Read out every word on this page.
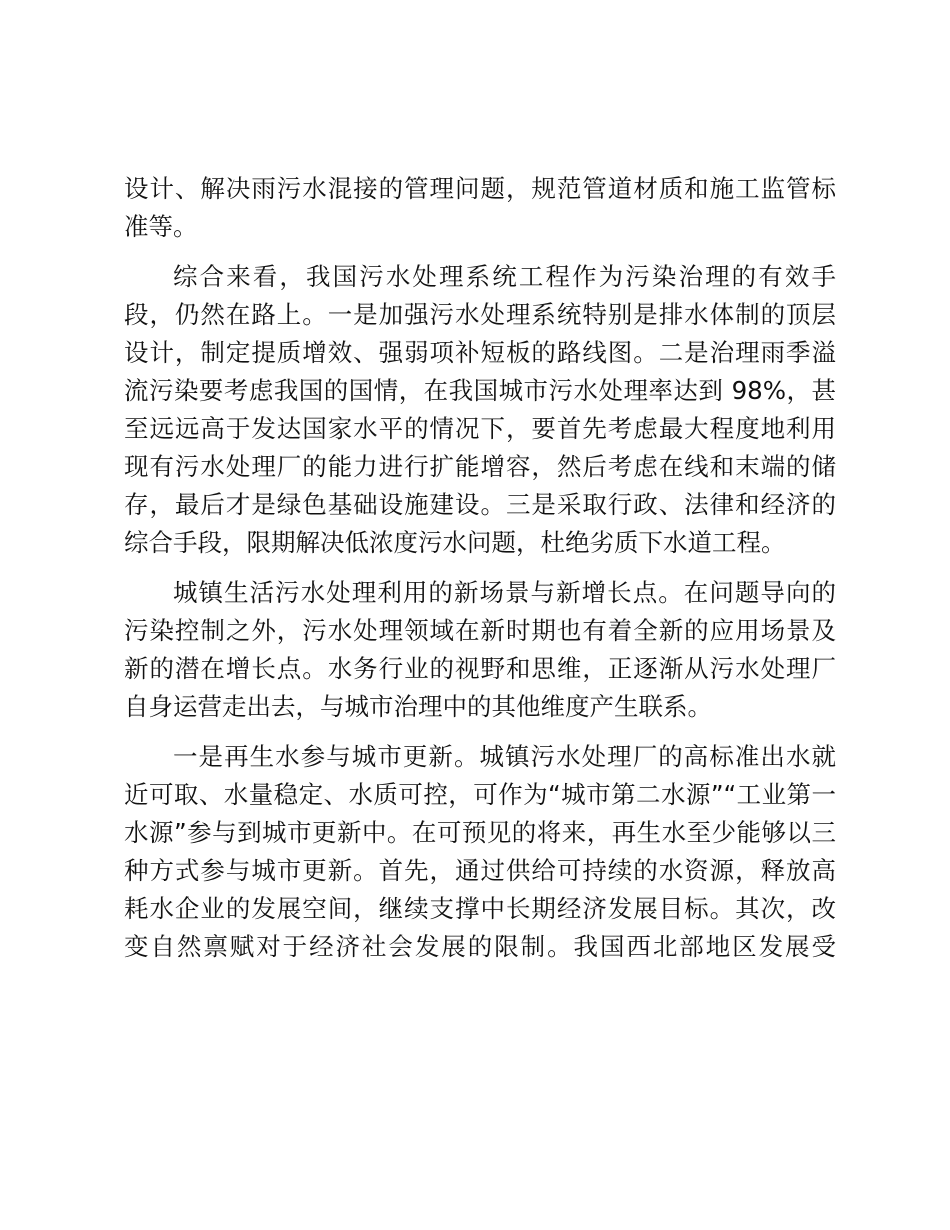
设计、解决雨污水混接的管理问题，规范管道材质和施工监管标
准等。
综合来看，我国污水处理系统工程作为污染治理的有效手
段，仍然在路上。一是加强污水处理系统特别是排水体制的顶层
设计，制定提质增效、强弱项补短板的路线图。二是治理雨季溢
流污染要考虑我国的国情，在我国城市污水处理率达到 98%，甚
至远远高于发达国家水平的情况下，要首先考虑最大程度地利用
现有污水处理厂的能力进行扩能增容，然后考虑在线和末端的储
存，最后才是绿色基础设施建设。三是采取行政、法律和经济的
综合手段，限期解决低浓度污水问题，杜绝劣质下水道工程。
城镇生活污水处理利用的新场景与新增长点。在问题导向的
污染控制之外，污水处理领域在新时期也有着全新的应用场景及
新的潜在增长点。水务行业的视野和思维，正逐渐从污水处理厂
自身运营走出去，与城市治理中的其他维度产生联系。
一是再生水参与城市更新。城镇污水处理厂的高标准出水就
近可取、水量稳定、水质可控，可作为“城市第二水源”“工业第一
水源”参与到城市更新中。在可预见的将来，再生水至少能够以三
种方式参与城市更新。首先，通过供给可持续的水资源，释放高
耗水企业的发展空间，继续支撑中长期经济发展目标。其次，改
变自然禀赋对于经济社会发展的限制。我国西北部地区发展受
